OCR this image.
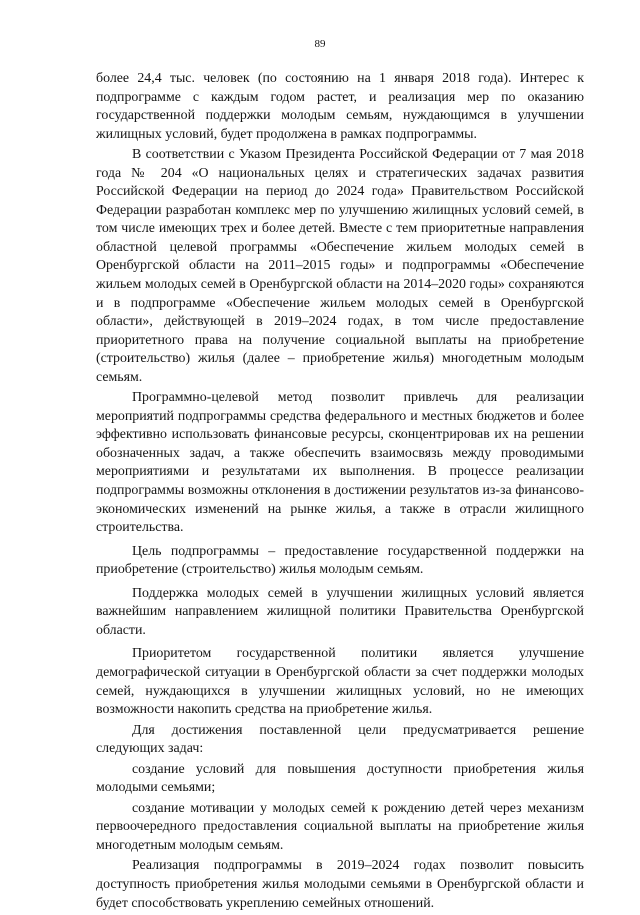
89

более 24,4 тыс. человек (по состоянию на 1 января 2018 года). Интерес к подпрограмме с каждым годом растет, и реализация мер по оказанию государственной поддержки молодым семьям, нуждающимся в улучшении жилищных условий, будет продолжена в рамках подпрограммы.

В соответствии с Указом Президента Российской Федерации от 7 мая 2018 года № 204 «О национальных целях и стратегических задачах развития Российской Федерации на период до 2024 года» Правительством Российской Федерации разработан комплекс мер по улучшению жилищных условий семей, в том числе имеющих трех и более детей. Вместе с тем приоритетные направления областной целевой программы «Обеспечение жильем молодых семей в Оренбургской области на 2011–2015 годы» и подпрограммы «Обеспечение жильем молодых семей в Оренбургской области на 2014–2020 годы» сохраняются и в подпрограмме «Обеспечение жильем молодых семей в Оренбургской области», действующей в 2019–2024 годах, в том числе предоставление приоритетного права на получение социальной выплаты на приобретение (строительство) жилья (далее – приобретение жилья) многодетным молодым семьям.

Программно-целевой метод позволит привлечь для реализации мероприятий подпрограммы средства федерального и местных бюджетов и более эффективно использовать финансовые ресурсы, сконцентрировав их на решении обозначенных задач, а также обеспечить взаимосвязь между проводимыми мероприятиями и результатами их выполнения. В процессе реализации подпрограммы возможны отклонения в достижении результатов из-за финансово-экономических изменений на рынке жилья, а также в отрасли жилищного строительства.

Цель подпрограммы – предоставление государственной поддержки на приобретение (строительство) жилья молодым семьям.

Поддержка молодых семей в улучшении жилищных условий является важнейшим направлением жилищной политики Правительства Оренбургской области.

Приоритетом государственной политики является улучшение демографической ситуации в Оренбургской области за счет поддержки молодых семей, нуждающихся в улучшении жилищных условий, но не имеющих возможности накопить средства на приобретение жилья.

Для достижения поставленной цели предусматривается решение следующих задач:

создание условий для повышения доступности приобретения жилья молодыми семьями;

создание мотивации у молодых семей к рождению детей через механизм первоочередного предоставления социальной выплаты на приобретение жилья многодетным молодым семьям.

Реализация подпрограммы в 2019–2024 годах позволит повысить доступность приобретения жилья молодыми семьями в Оренбургской области и будет способствовать укреплению семейных отношений.
